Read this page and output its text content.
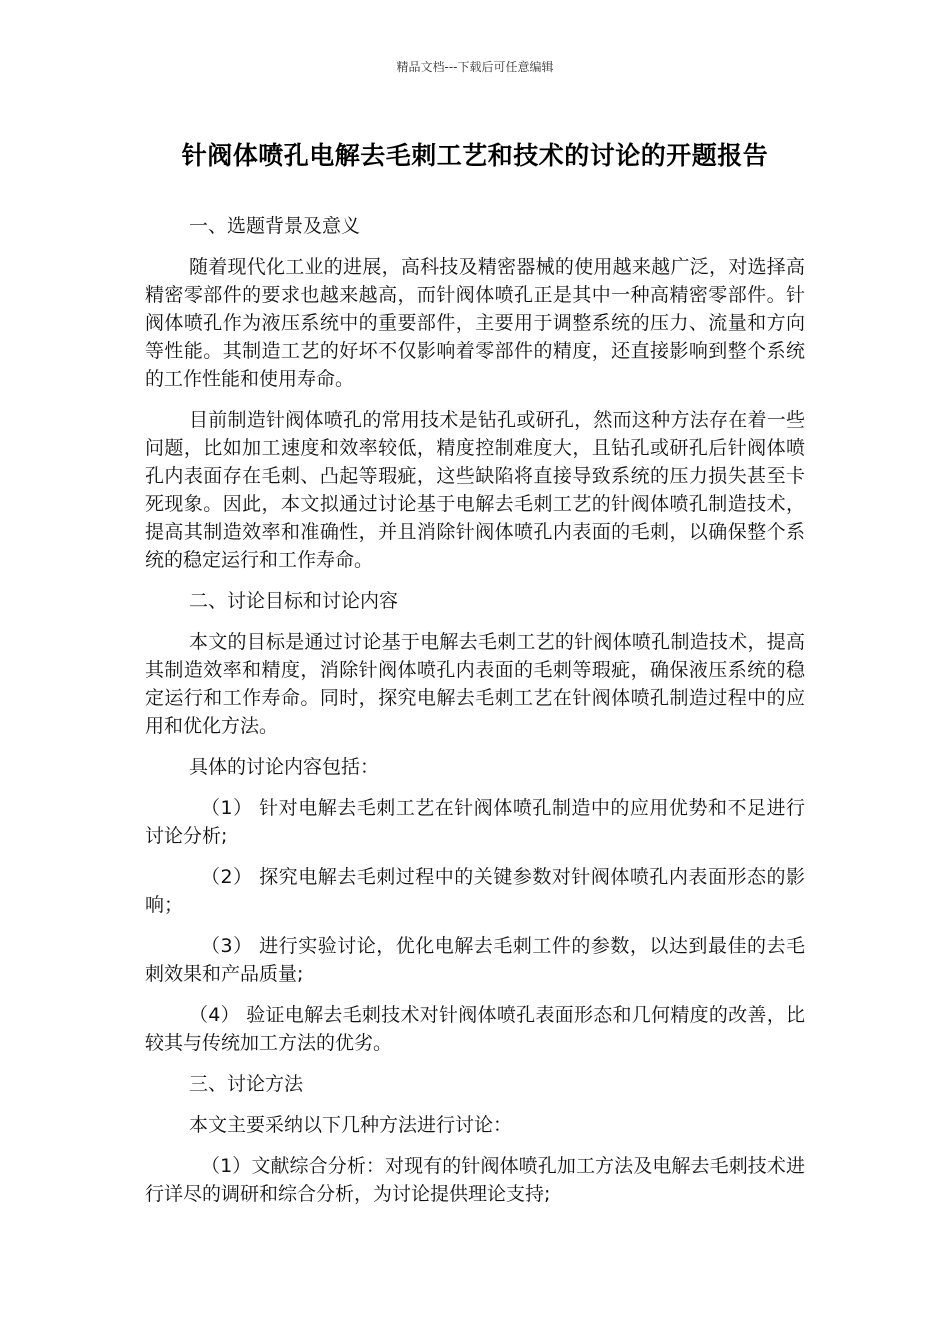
精品文档---下载后可任意编辑
针阀体喷孔电解去毛刺工艺和技术的讨论的开题报告

一、选题背景及意义

随着现代化工业的进展，高科技及精密器械的使用越来越广泛，对选择高精密零部件的要求也越来越高，而针阀体喷孔正是其中一种高精密零部件。针阀体喷孔作为液压系统中的重要部件，主要用于调整系统的压力、流量和方向等性能。其制造工艺的好坏不仅影响着零部件的精度，还直接影响到整个系统的工作性能和使用寿命。

目前制造针阀体喷孔的常用技术是钻孔或研孔，然而这种方法存在着一些问题，比如加工速度和效率较低，精度控制难度大，且钻孔或研孔后针阀体喷孔内表面存在毛刺、凸起等瑕疵，这些缺陷将直接导致系统的压力损失甚至卡死现象。因此，本文拟通过讨论基于电解去毛刺工艺的针阀体喷孔制造技术，提高其制造效率和准确性，并且消除针阀体喷孔内表面的毛刺，以确保整个系统的稳定运行和工作寿命。

二、讨论目标和讨论内容

本文的目标是通过讨论基于电解去毛刺工艺的针阀体喷孔制造技术，提高其制造效率和精度，消除针阀体喷孔内表面的毛刺等瑕疵，确保液压系统的稳定运行和工作寿命。同时，探究电解去毛刺工艺在针阀体喷孔制造过程中的应用和优化方法。

具体的讨论内容包括：

（1） 针对电解去毛刺工艺在针阀体喷孔制造中的应用优势和不足进行讨论分析;

（2） 探究电解去毛刺过程中的关键参数对针阀体喷孔内表面形态的影响；

（3） 进行实验讨论，优化电解去毛刺工件的参数，以达到最佳的去毛刺效果和产品质量;

（4） 验证电解去毛刺技术对针阀体喷孔表面形态和几何精度的改善，比较其与传统加工方法的优劣。

三、讨论方法

本文主要采纳以下几种方法进行讨论：

（1）文献综合分析：对现有的针阀体喷孔加工方法及电解去毛刺技术进行详尽的调研和综合分析，为讨论提供理论支持;
